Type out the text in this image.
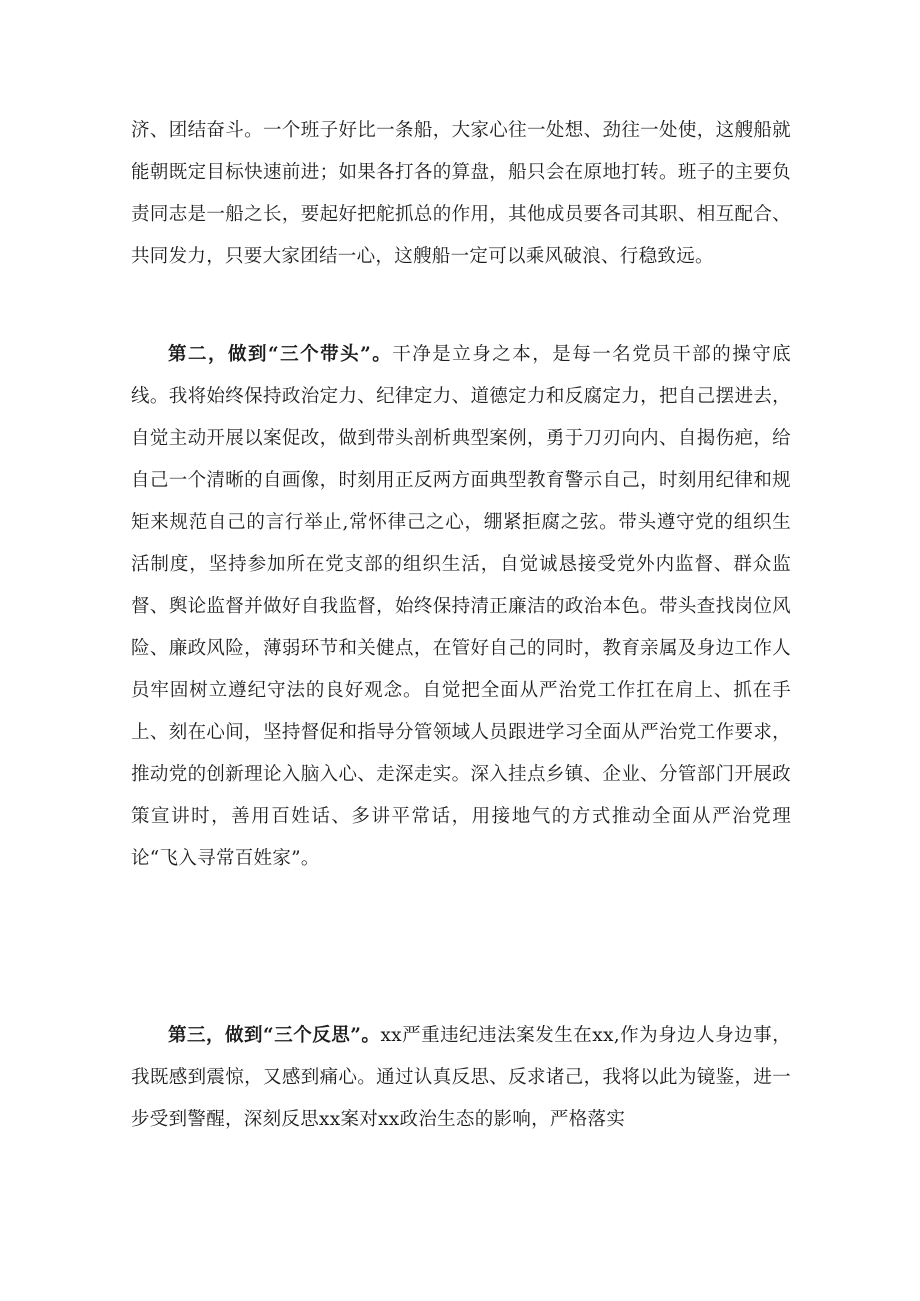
济、团结奋斗。一个班子好比一条船，大家心往一处想、劲往一处使，这艘船就能朝既定目标快速前进；如果各打各的算盘，船只会在原地打转。班子的主要负责同志是一船之长，要起好把舵抓总的作用，其他成员要各司其职、相互配合、共同发力，只要大家团结一心，这艘船一定可以乘风破浪、行稳致远。

第二，做到“三个带头”。干净是立身之本，是每一名党员干部的操守底线。我将始终保持政治定力、纪律定力、道德定力和反腐定力，把自己摆进去，自觉主动开展以案促改，做到带头剖析典型案例，勇于刀刃向内、自揭伤疤，给自己一个清晰的自画像，时刻用正反两方面典型教育警示自己，时刻用纪律和规矩来规范自己的言行举止,常怀律己之心，绷紧拒腐之弦。带头遵守党的组织生活制度，坚持参加所在党支部的组织生活，自觉诚恳接受党外内监督、群众监督、舆论监督并做好自我监督，始终保持清正廉洁的政治本色。带头查找岗位风险、廉政风险，薄弱环节和关健点，在管好自己的同时，教育亲属及身边工作人员牢固树立遵纪守法的良好观念。自觉把全面从严治党工作扛在肩上、抓在手上、刻在心间，坚持督促和指导分管领域人员跟进学习全面从严治党工作要求，推动党的创新理论入脑入心、走深走实。深入挂点乡镇、企业、分管部门开展政策宣讲时，善用百姓话、多讲平常话，用接地气的方式推动全面从严治党理论“飞入寻常百姓家”。

第三，做到“三个反思”。xx严重违纪违法案发生在xx,作为身边人身边事，我既感到震惊，又感到痛心。通过认真反思、反求诸己，我将以此为镜鉴，进一步受到警醒，深刻反思xx案对xx政治生态的影响，严格落实
